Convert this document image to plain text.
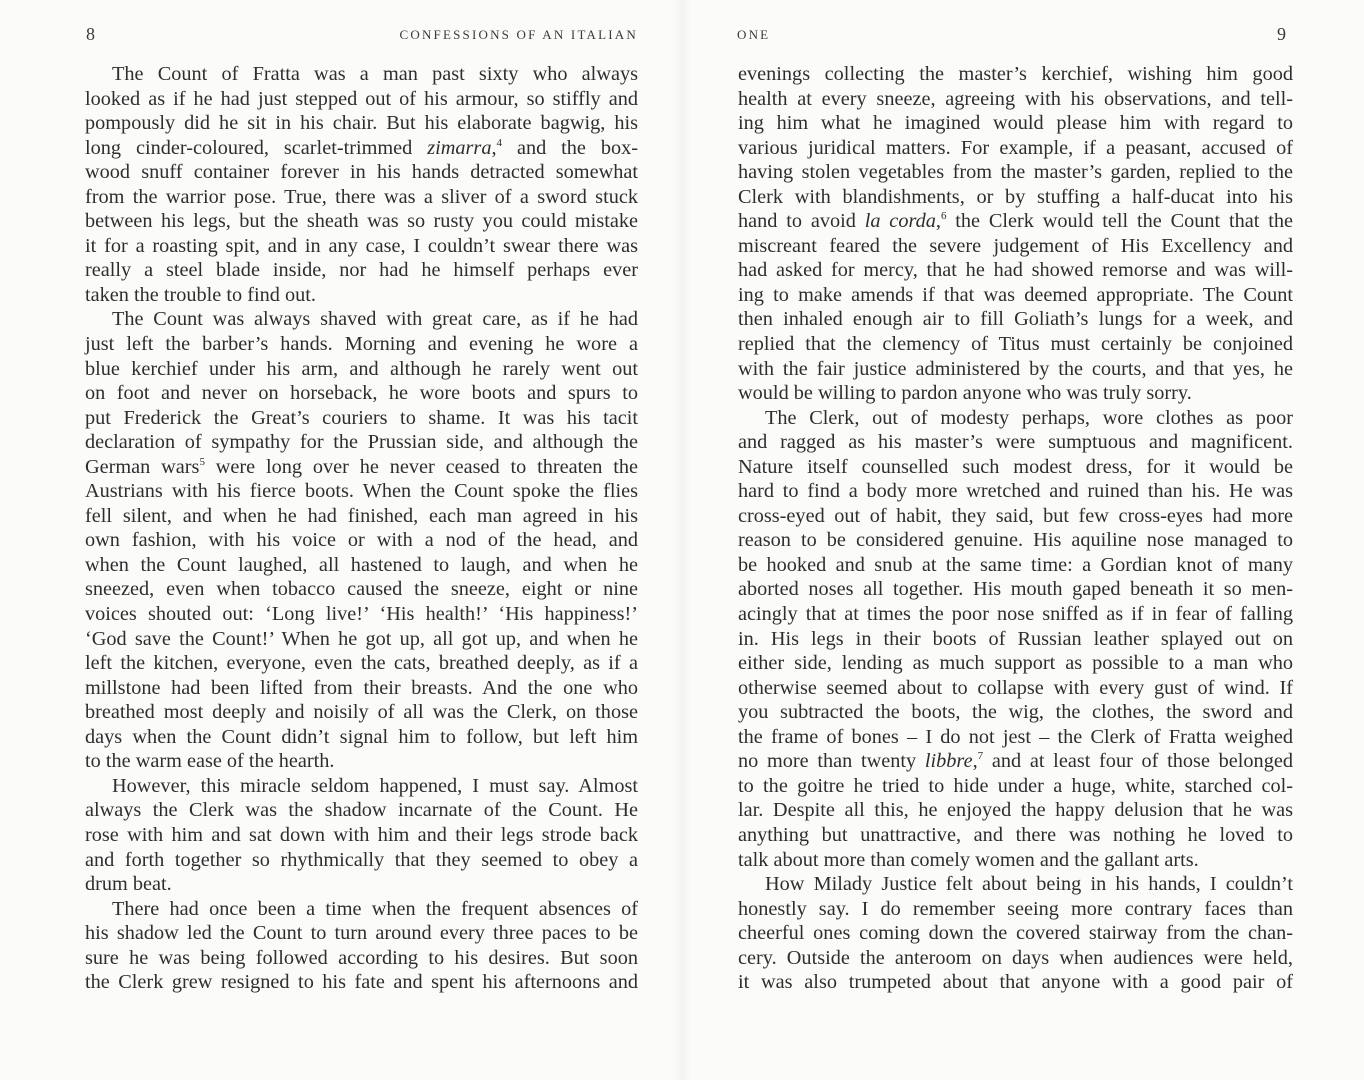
8	CONFESSIONS OF AN ITALIAN
The Count of Fratta was a man past sixty who always
looked as if he had just stepped out of his armour, so stiffly and
pompously did he sit in his chair. But his elaborate bagwig, his
long cinder-coloured, scarlet-trimmed zimarra,$^4$ and the box-
wood snuff container forever in his hands detracted somewhat
from the warrior pose. True, there was a sliver of a sword stuck
between his legs, but the sheath was so rusty you could mistake
it for a roasting spit, and in any case, I couldn’t swear there was
really a steel blade inside, nor had he himself perhaps ever
taken the trouble to find out.
The Count was always shaved with great care, as if he had
just left the barber’s hands. Morning and evening he wore a
blue kerchief under his arm, and although he rarely went out
on foot and never on horseback, he wore boots and spurs to
put Frederick the Great’s couriers to shame. It was his tacit
declaration of sympathy for the Prussian side, and although the
German wars$^5$ were long over he never ceased to threaten the
Austrians with his fierce boots. When the Count spoke the flies
fell silent, and when he had finished, each man agreed in his
own fashion, with his voice or with a nod of the head, and
when the Count laughed, all hastened to laugh, and when he
sneezed, even when tobacco caused the sneeze, eight or nine
voices shouted out: ‘Long live!’ ‘His health!’ ‘His happiness!’
‘God save the Count!’ When he got up, all got up, and when he
left the kitchen, everyone, even the cats, breathed deeply, as if a
millstone had been lifted from their breasts. And the one who
breathed most deeply and noisily of all was the Clerk, on those
days when the Count didn’t signal him to follow, but left him
to the warm ease of the hearth.
However, this miracle seldom happened, I must say. Almost
always the Clerk was the shadow incarnate of the Count. He
rose with him and sat down with him and their legs strode back
and forth together so rhythmically that they seemed to obey a
drum beat.
There had once been a time when the frequent absences of
his shadow led the Count to turn around every three paces to be
sure he was being followed according to his desires. But soon
the Clerk grew resigned to his fate and spent his afternoons and
ONE	9
evenings collecting the master’s kerchief, wishing him good
health at every sneeze, agreeing with his observations, and tell-
ing him what he imagined would please him with regard to
various juridical matters. For example, if a peasant, accused of
having stolen vegetables from the master’s garden, replied to the
Clerk with blandishments, or by stuffing a half-ducat into his
hand to avoid la corda,$^6$ the Clerk would tell the Count that the
miscreant feared the severe judgement of His Excellency and
had asked for mercy, that he had showed remorse and was will-
ing to make amends if that was deemed appropriate. The Count
then inhaled enough air to fill Goliath’s lungs for a week, and
replied that the clemency of Titus must certainly be conjoined
with the fair justice administered by the courts, and that yes, he
would be willing to pardon anyone who was truly sorry.
The Clerk, out of modesty perhaps, wore clothes as poor
and ragged as his master’s were sumptuous and magnificent.
Nature itself counselled such modest dress, for it would be
hard to find a body more wretched and ruined than his. He was
cross-eyed out of habit, they said, but few cross-eyes had more
reason to be considered genuine. His aquiline nose managed to
be hooked and snub at the same time: a Gordian knot of many
aborted noses all together. His mouth gaped beneath it so men-
acingly that at times the poor nose sniffed as if in fear of falling
in. His legs in their boots of Russian leather splayed out on
either side, lending as much support as possible to a man who
otherwise seemed about to collapse with every gust of wind. If
you subtracted the boots, the wig, the clothes, the sword and
the frame of bones – I do not jest – the Clerk of Fratta weighed
no more than twenty libbre,$^7$ and at least four of those belonged
to the goitre he tried to hide under a huge, white, starched col-
lar. Despite all this, he enjoyed the happy delusion that he was
anything but unattractive, and there was nothing he loved to
talk about more than comely women and the gallant arts.
How Milady Justice felt about being in his hands, I couldn’t
honestly say. I do remember seeing more contrary faces than
cheerful ones coming down the covered stairway from the chan-
cery. Outside the anteroom on days when audiences were held,
it was also trumpeted about that anyone with a good pair of
